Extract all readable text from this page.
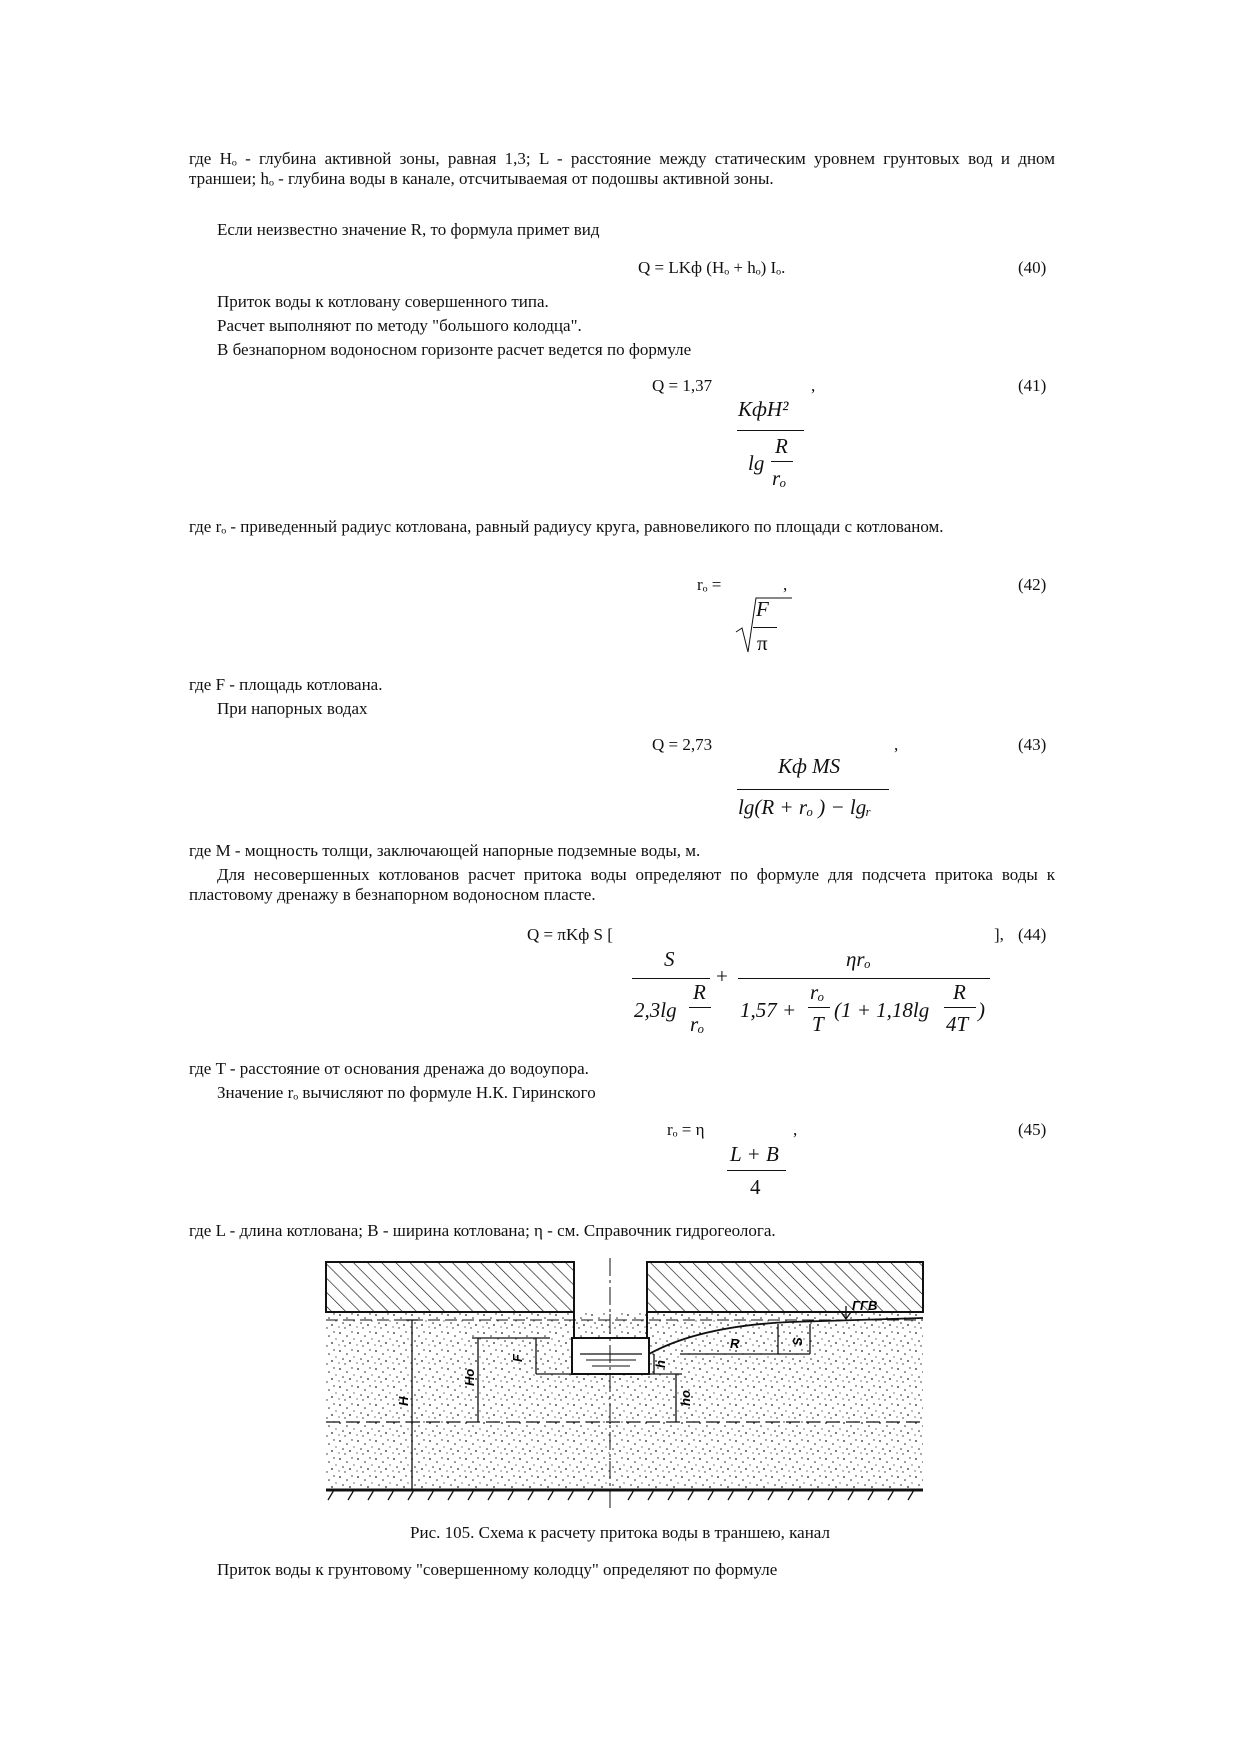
где Hₒ - глубина активной зоны, равная 1,3; L - расстояние между статическим уровнем грунтовых вод и дном траншеи; hₒ - глубина воды в канале, отсчитываемая от подошвы активной зоны.
Если неизвестно значение R, то формула примет вид
Q = LKф (Hₒ + hₒ) Iₒ.	(40)
Приток воды к котловану совершенного типа.
Расчет выполняют по методу "большого колодца".
В безнапорном водоносном горизонте расчет ведется по формуле
Q = 1,37	,	(41)
KфH²
lg
R
rₒ
где rₒ - приведенный радиус котлована, равный радиусу круга, равновеликого по площади с котлованом.
rₒ =	,	(42)
F
π
где F - площадь котлована.
При напорных водах
Q = 2,73	,	(43)
Kф MS
lg(R + rₒ ) − lgᵣ
где M - мощность толщи, заключающей напорные подземные воды, м.
Для несовершенных котлованов расчет притока воды определяют по формуле для подсчета притока воды к пластовому дренажу в безнапорном водоносном пласте.
Q = πKф S [	], (44)
S
+
ηrₒ
2,3lg
R
rₒ
1,57 +
rₒ
T
(1 + 1,18lg
R
4T
)
где T - расстояние от основания дренажа до водоупора.
Значение rₒ вычисляют по формуле Н.К. Гиринского
rₒ = η	,	(45)
L + B
4
где L - длина котлована; B - ширина котлована; η - см. Справочник гидрогеолога.
ГГВ
H
Hо
F
h
hо
R	S
Рис. 105. Схема к расчету притока воды в траншею, канал
Приток воды к грунтовому "совершенному колодцу" определяют по формуле
